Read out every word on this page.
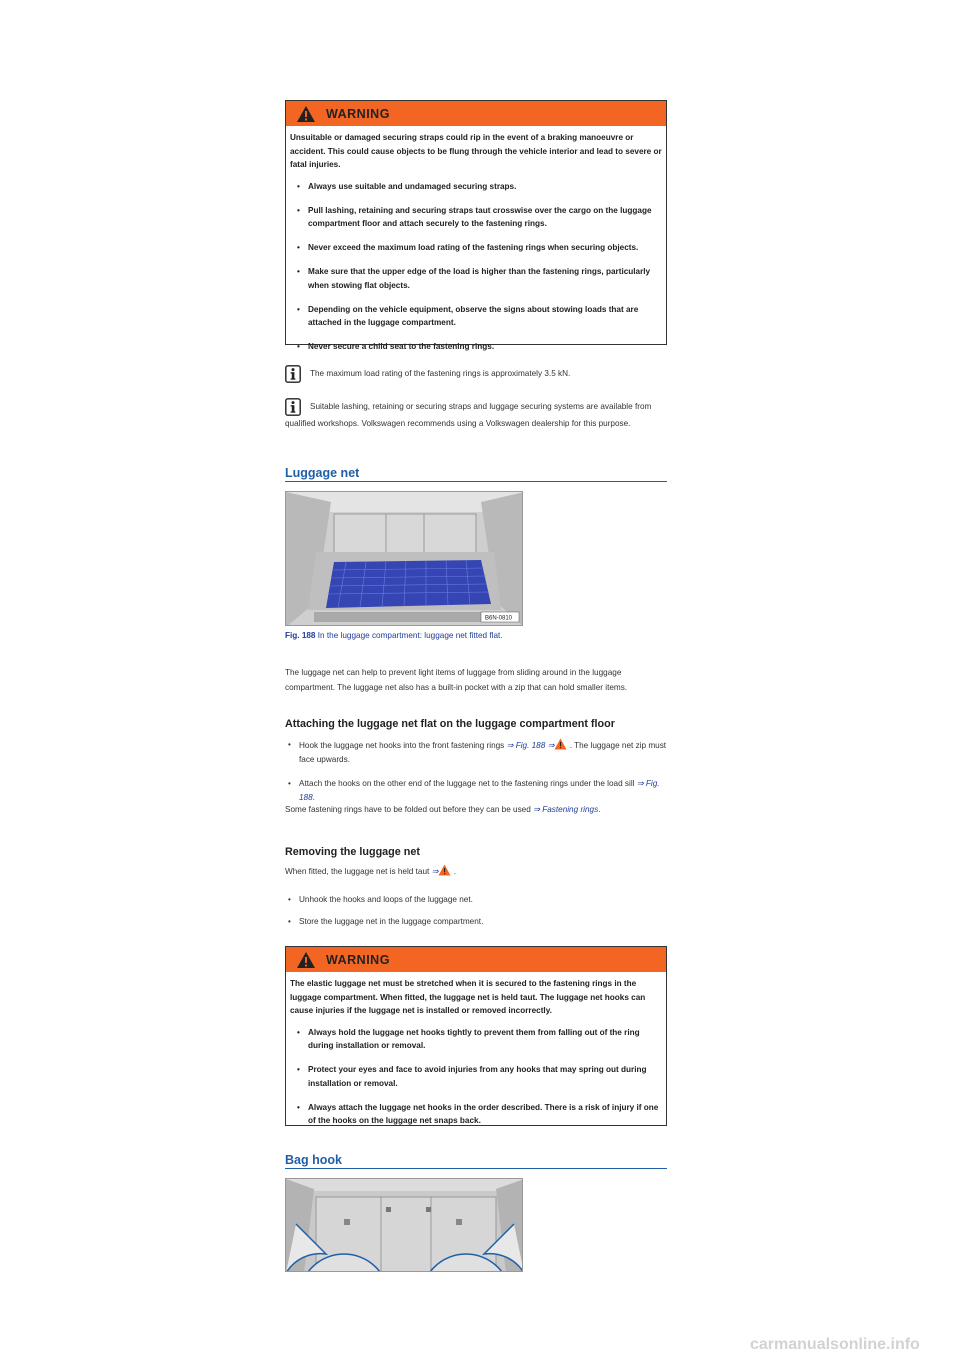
WARNING

Unsuitable or damaged securing straps could rip in the event of a braking manoeuvre or accident. This could cause objects to be flung through the vehicle interior and lead to severe or fatal injuries.

• Always use suitable and undamaged securing straps.
• Pull lashing, retaining and securing straps taut crosswise over the cargo on the luggage compartment floor and attach securely to the fastening rings.
• Never exceed the maximum load rating of the fastening rings when securing objects.
• Make sure that the upper edge of the load is higher than the fastening rings, particularly when stowing flat objects.
• Depending on the vehicle equipment, observe the signs about stowing loads that are attached in the luggage compartment.
• Never secure a child seat to the fastening rings.
The maximum load rating of the fastening rings is approximately 3.5 kN.
Suitable lashing, retaining or securing straps and luggage securing systems are available from qualified workshops. Volkswagen recommends using a Volkswagen dealership for this purpose.
Luggage net
B6N-0810
Fig. 188 In the luggage compartment: luggage net fitted flat.
The luggage net can help to prevent light items of luggage from sliding around in the luggage compartment. The luggage net also has a built-in pocket with a zip that can hold smaller items.
Attaching the luggage net flat on the luggage compartment floor
• Hook the luggage net hooks into the front fastening rings ⇒ Fig. 188 ⇒ . The luggage net zip must face upwards.
• Attach the hooks on the other end of the luggage net to the fastening rings under the load sill ⇒ Fig. 188.
Some fastening rings have to be folded out before they can be used ⇒ Fastening rings.
Removing the luggage net
When fitted, the luggage net is held taut ⇒ .
• Unhook the hooks and loops of the luggage net.
• Store the luggage net in the luggage compartment.
WARNING

The elastic luggage net must be stretched when it is secured to the fastening rings in the luggage compartment. When fitted, the luggage net is held taut. The luggage net hooks can cause injuries if the luggage net is installed or removed incorrectly.

• Always hold the luggage net hooks tightly to prevent them from falling out of the ring during installation or removal.
• Protect your eyes and face to avoid injuries from any hooks that may spring out during installation or removal.
• Always attach the luggage net hooks in the order described. There is a risk of injury if one of the hooks on the luggage net snaps back.
Bag hook
carmanualsonline.info
